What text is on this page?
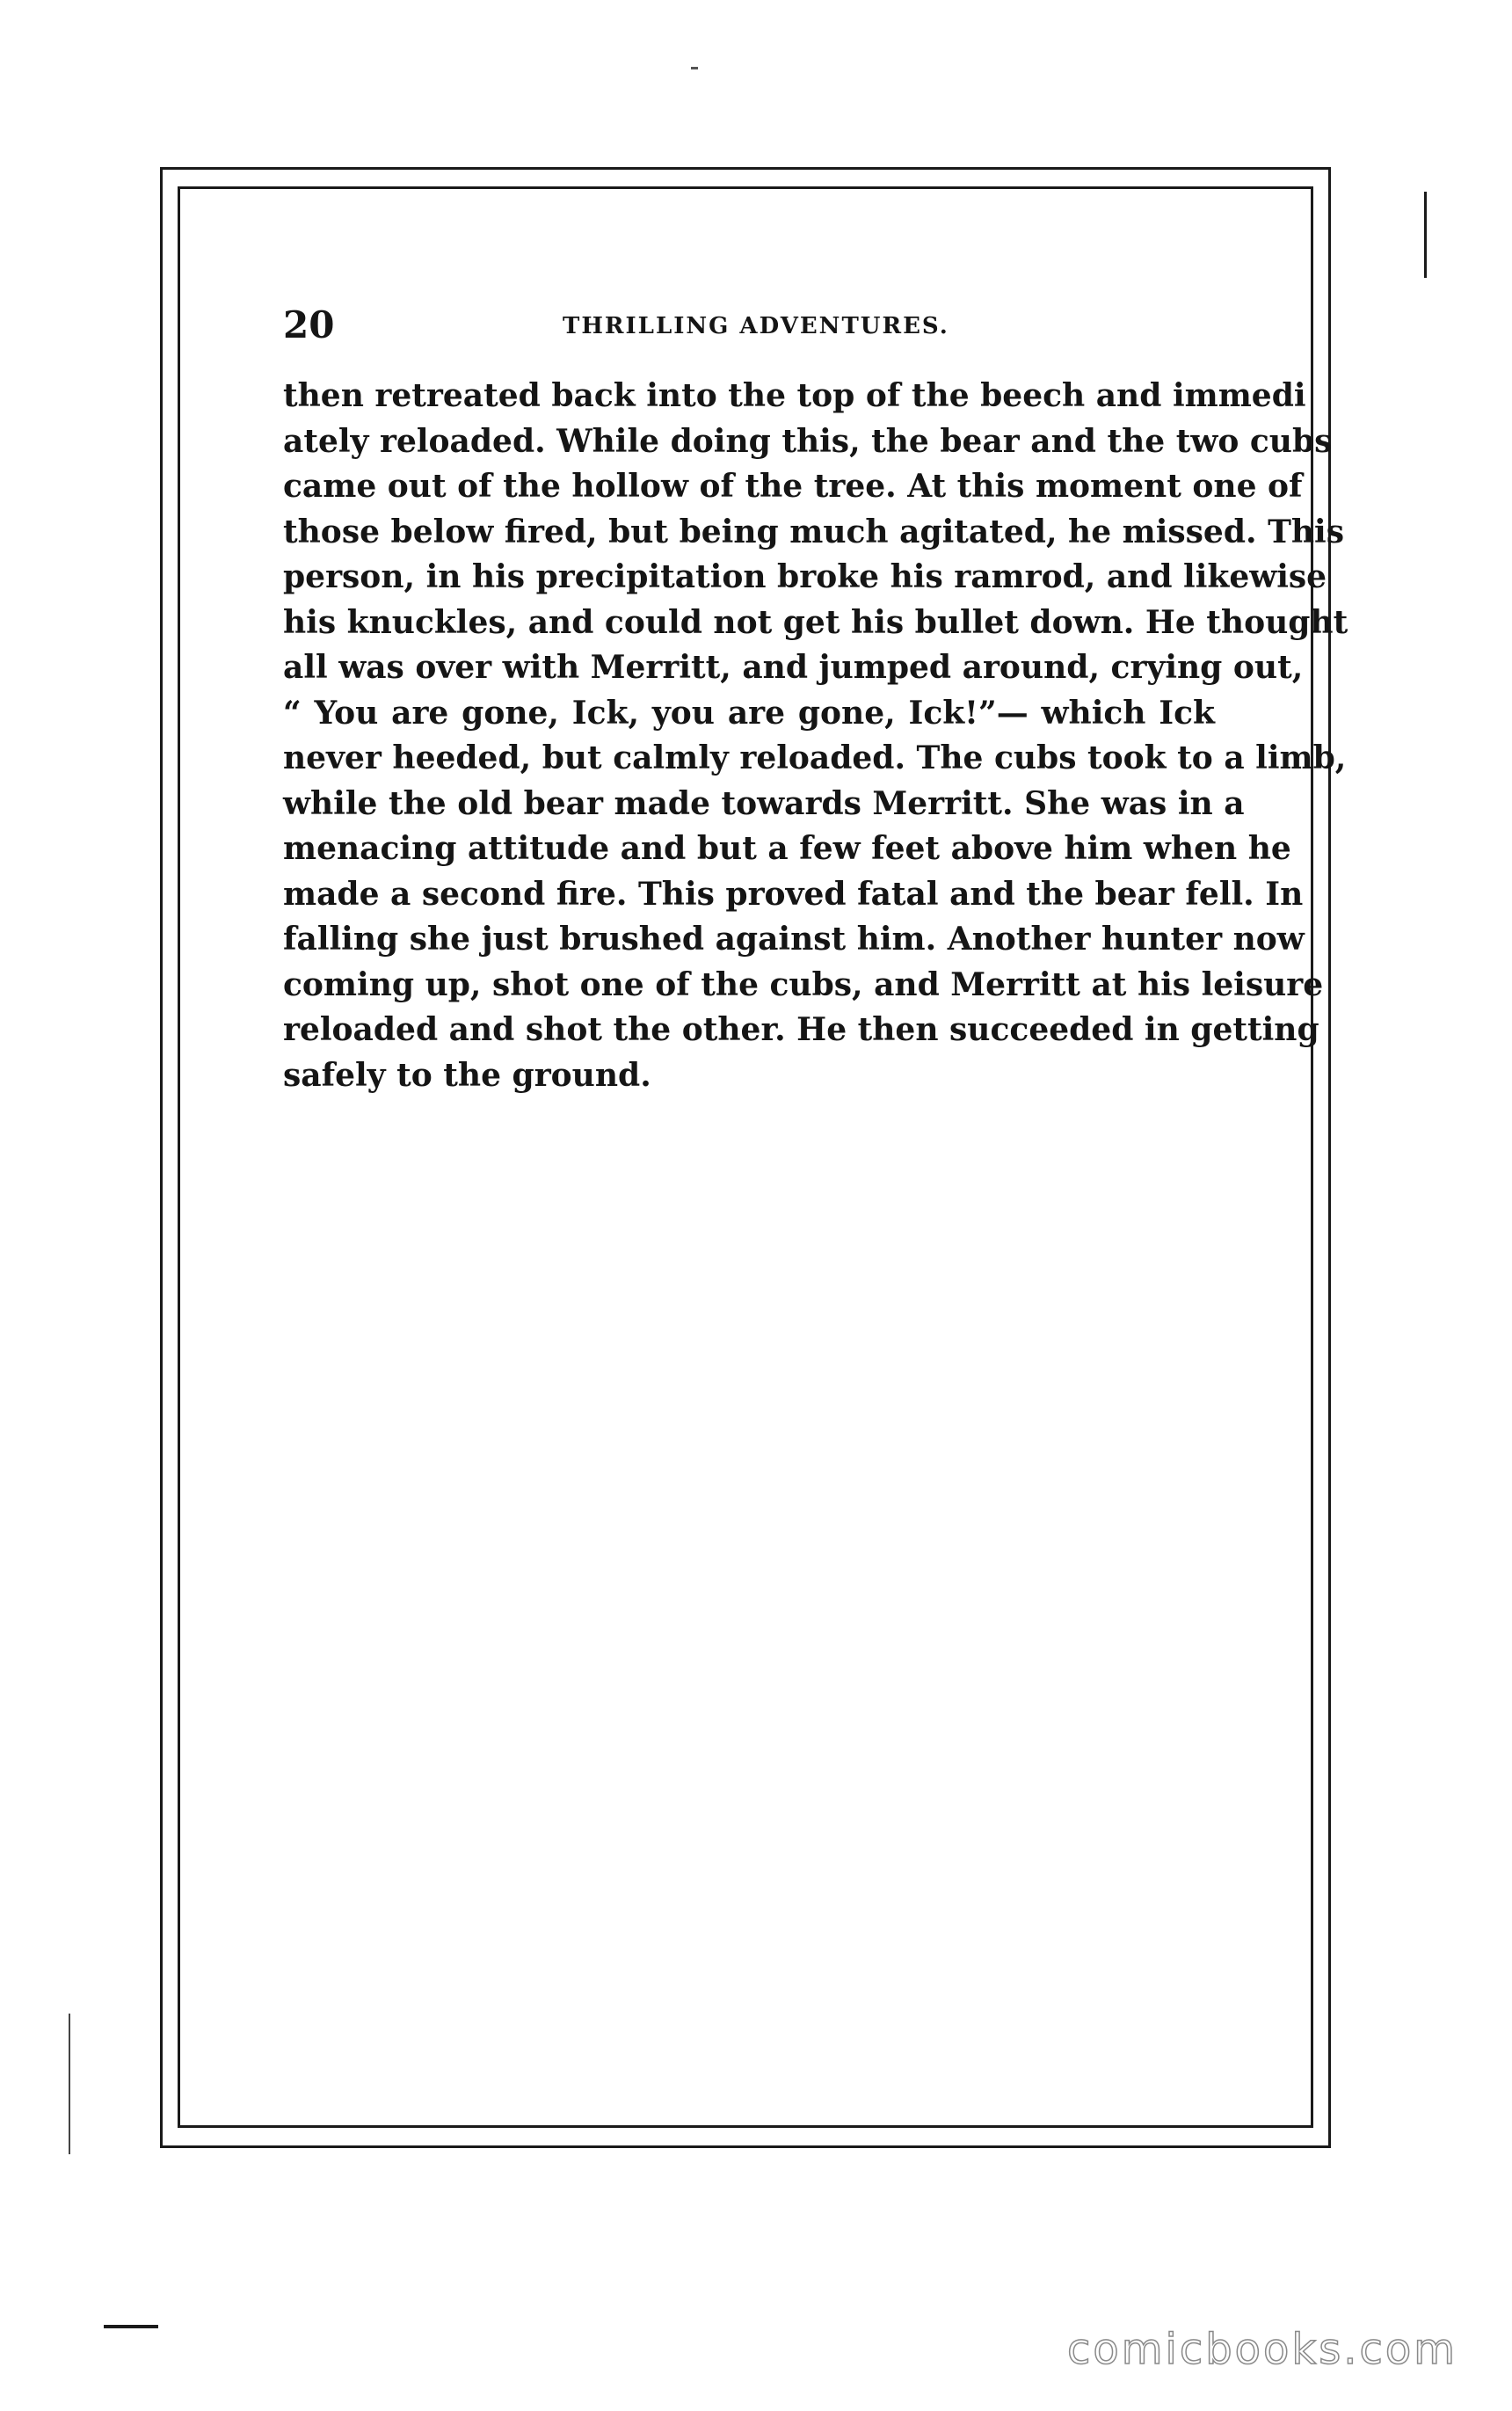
20	THRILLING ADVENTURES.
then retreated back into the top of the beech and immedi
ately reloaded. While doing this, the bear and the two cubs
came out of the hollow of the tree. At this moment one of
those below fired, but being much agitated, he missed. This
person, in his precipitation broke his ramrod, and likewise
his knuckles, and could not get his bullet down. He thought
all was over with Merritt, and jumped around, crying out,
“ You are gone, Ick, you are gone, Ick!”— which Ick
never heeded, but calmly reloaded. The cubs took to a limb,
while the old bear made towards Merritt. She was in a
menacing attitude and but a few feet above him when he
made a second fire. This proved fatal and the bear fell. In
falling she just brushed against him. Another hunter now
coming up, shot one of the cubs, and Merritt at his leisure
reloaded and shot the other. He then succeeded in getting
safely to the ground.
comicbooks.com
